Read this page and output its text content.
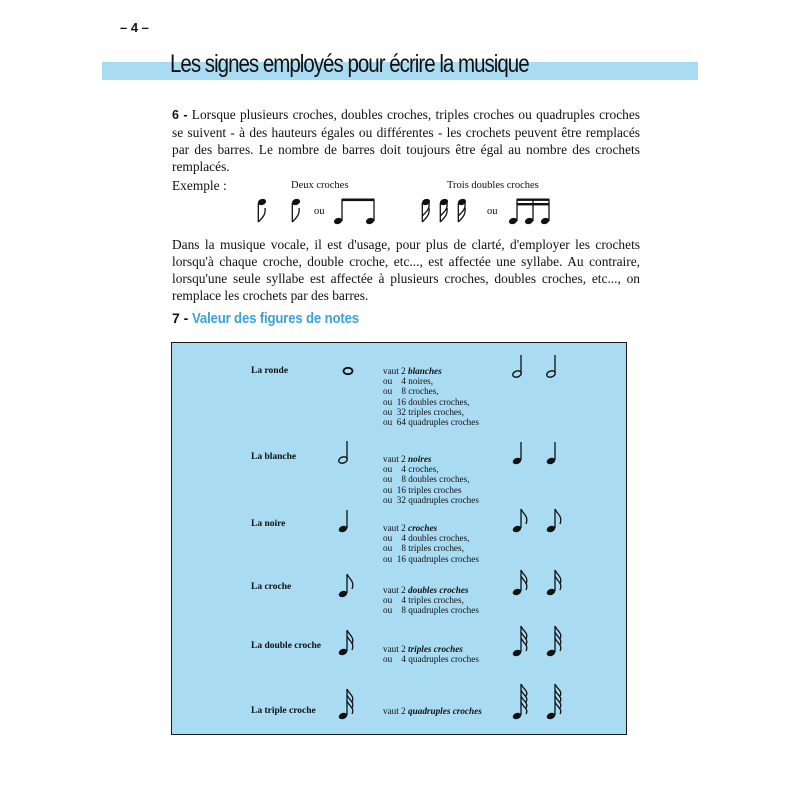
– 4 –
Les signes employés pour écrire la musique

6 - Lorsque plusieurs croches, doubles croches, triples croches ou quadruples croches se suivent - à des hauteurs égales ou différentes - les crochets peuvent être remplacés par des barres. Le nombre de barres doit toujours être égal au nombre des crochets remplacés.

Exemple :	Deux croches	Trois doubles croches
ou	ou

Dans la musique vocale, il est d'usage, pour plus de clarté, d'employer les crochets lorsqu'à chaque croche, double croche, etc..., est affectée une syllabe. Au contraire, lorsqu'une seule syllabe est affectée à plusieurs croches, doubles croches, etc..., on remplace les crochets par des barres.

7 - Valeur des figures de notes
La ronde	vaut 2 blanches
ou    4 noires,
ou    8 croches,
ou  16 doubles croches,
ou  32 triples croches,
ou  64 quadruples croches
La blanche	vaut 2 noires
ou    4 croches,
ou    8 doubles croches,
ou  16 triples croches
ou  32 quadruples croches
La noire	vaut 2 croches
ou    4 doubles croches,
ou    8 triples croches,
ou  16 quadruples croches
La croche	vaut 2 doubles croches
ou    4 triples croches,
ou    8 quadruples croches
La double croche	vaut 2 triples croches
ou    4 quadruples croches
La triple croche	vaut 2 quadruples croches
